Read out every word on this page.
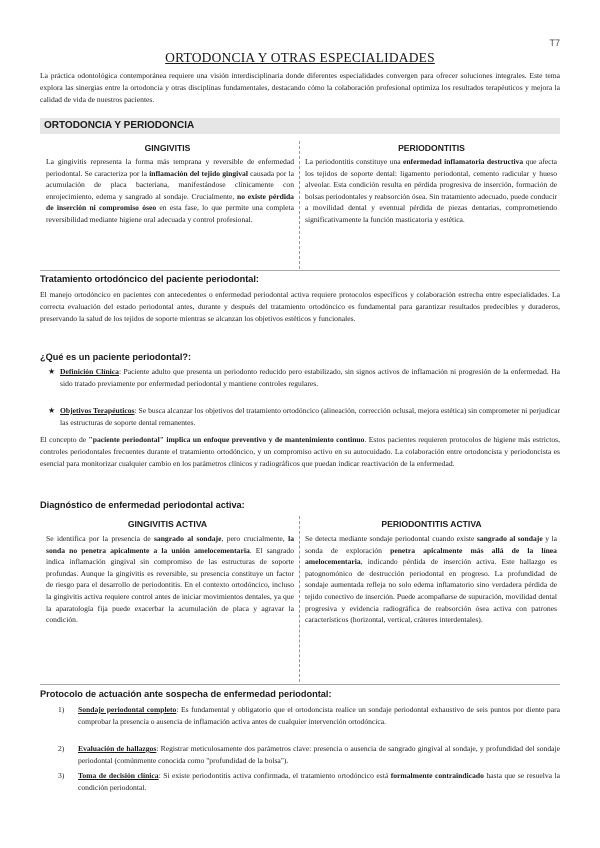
T7
ORTODONCIA Y OTRAS ESPECIALIDADES
La práctica odontológica contemporánea requiere una visión interdisciplinaria donde diferentes especialidades convergen para ofrecer soluciones integrales. Este tema explora las sinergias entre la ortodoncia y otras disciplinas fundamentales, destacando cómo la colaboración profesional optimiza los resultados terapéuticos y mejora la calidad de vida de nuestros pacientes.
ORTODONCIA Y PERIODONCIA
GINGIVITIS	PERIODONTITIS
La gingivitis representa la forma más temprana y reversible de enfermedad periodontal. Se caracteriza por la inflamación del tejido gingival causada por la acumulación de placa bacteriana, manifestándose clínicamente con enrojecimiento, edema y sangrado al sondaje. Crucialmente, no existe pérdida de inserción ni compromiso óseo en esta fase, lo que permite una completa reversibilidad mediante higiene oral adecuada y control profesional.
La periodontitis constituye una enfermedad inflamatoria destructiva que afecta los tejidos de soporte dental: ligamento periodontal, cemento radicular y hueso alveolar. Esta condición resulta en pérdida progresiva de inserción, formación de bolsas periodontales y reabsorción ósea. Sin tratamiento adecuado, puede conducir a movilidad dental y eventual pérdida de piezas dentarias, comprometiendo significativamente la función masticatoria y estética.
Tratamiento ortodóncico del paciente periodontal:
El manejo ortodóncico en pacientes con antecedentes o enfermedad periodontal activa requiere protocolos específicos y colaboración estrecha entre especialidades. La correcta evaluación del estado periodontal antes, durante y después del tratamiento ortodóncico es fundamental para garantizar resultados predecibles y duraderos, preservando la salud de los tejidos de soporte mientras se alcanzan los objetivos estéticos y funcionales.
¿Qué es un paciente periodontal?:
★ Definición Clínica: Paciente adulto que presenta un periodonto reducido pero estabilizado, sin signos activos de inflamación ni progresión de la enfermedad. Ha sido tratado previamente por enfermedad periodontal y mantiene controles regulares.
★ Objetivos Terapéuticos: Se busca alcanzar los objetivos del tratamiento ortodóncico (alineación, corrección oclusal, mejora estética) sin comprometer ni perjudicar las estructuras de soporte dental remanentes.
El concepto de "paciente periodontal" implica un enfoque preventivo y de mantenimiento continuo. Estos pacientes requieren protocolos de higiene más estrictos, controles periodontales frecuentes durante el tratamiento ortodóncico, y un compromiso activo en su autocuidado. La colaboración entre ortodoncista y periodoncista es esencial para monitorizar cualquier cambio en los parámetros clínicos y radiográficos que puedan indicar reactivación de la enfermedad.
Diagnóstico de enfermedad periodontal activa:
GINGIVITIS ACTIVA	PERIODONTITIS ACTIVA
Se identifica por la presencia de sangrado al sondaje, pero crucialmente, la sonda no penetra apicalmente a la unión amelocementaria. El sangrado indica inflamación gingival sin compromiso de las estructuras de soporte profundas. Aunque la gingivitis es reversible, su presencia constituye un factor de riesgo para el desarrollo de periodontitis. En el contexto ortodóncico, incluso la gingivitis activa requiere control antes de iniciar movimientos dentales, ya que la aparatología fija puede exacerbar la acumulación de placa y agravar la condición.
Se detecta mediante sondaje periodontal cuando existe sangrado al sondaje y la sonda de exploración penetra apicalmente más allá de la línea amelocementaria, indicando pérdida de inserción activa. Este hallazgo es patognomónico de destrucción periodontal en progreso. La profundidad de sondaje aumentada refleja no solo edema inflamatorio sino verdadera pérdida de tejido conectivo de inserción. Puede acompañarse de supuración, movilidad dental progresiva y evidencia radiográfica de reabsorción ósea activa con patrones característicos (horizontal, vertical, cráteres interdentales).
Protocolo de actuación ante sospecha de enfermedad periodontal:
1) Sondaje periodontal completo: Es fundamental y obligatorio que el ortodoncista realice un sondaje periodontal exhaustivo de seis puntos por diente para comprobar la presencia o ausencia de inflamación activa antes de cualquier intervención ortodóncica.
2) Evaluación de hallazgos: Registrar meticulosamente dos parámetros clave: presencia o ausencia de sangrado gingival al sondaje, y profundidad del sondaje periodontal (comúnmente conocida como "profundidad de la bolsa").
3) Toma de decisión clínica: Si existe periodontitis activa confirmada, el tratamiento ortodóncico está formalmente contraindicado hasta que se resuelva la condición periodontal.
